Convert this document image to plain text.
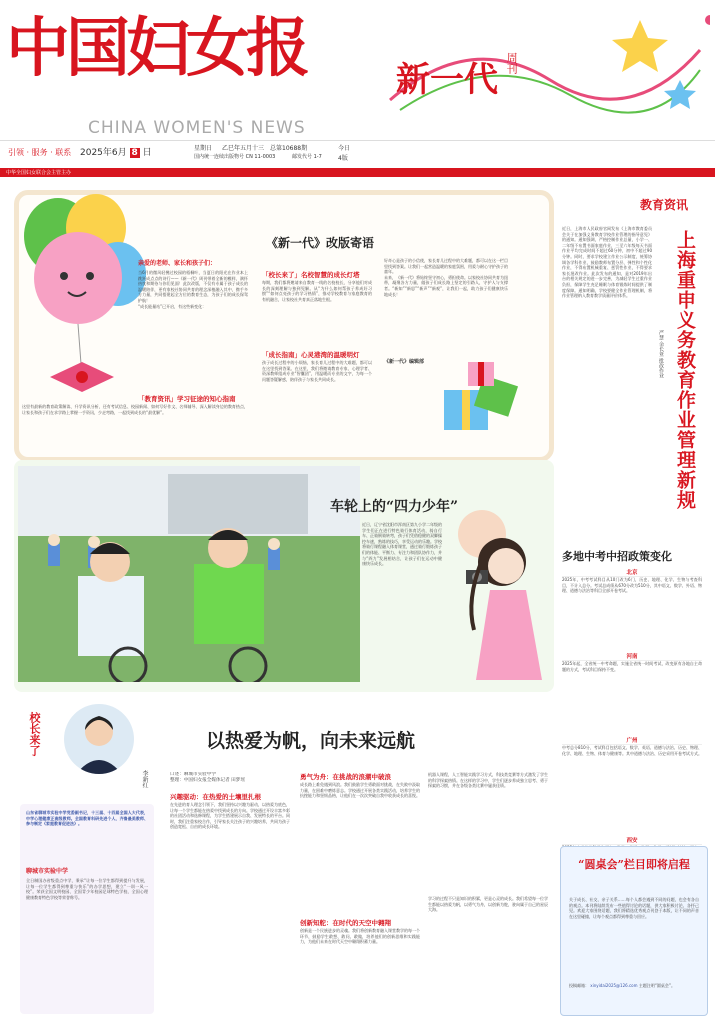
中国妇女报
CHINA WOMEN'S NEWS
新一代 周刊
引领 · 服务 · 联系 2025年6月 8 日	星期日 乙巳年五月十三 总第10688期
国内统一连续出版物号 CN 11-0003	邮发代号 1-7
今日
4版
中华全国妇女联合会主管主办
《新一代》改版寄语
亲爱的老师、家长和孩子们：

当6月的微风轻拂过校园的梧桐叶，当夏日的阳光在作业本上跳跃成点点的诗行——《新一代》周刊带着全新的模样，满怀热忱和期待与你们见面！此次改版，不仅有专属于孩子成长的温暖陪伴，更有家校社协同共育的理念深植融入其中，携手多方力量，共同搭建起全方位的教育生态，为孩子们的成长保驾护航！

“成长能量站”已开启，有这些新变化：

「教育资讯」学习征途的知心指南
这里有最新的教育政策解读、升学资讯分析，还有考试信息、校园新闻、如何写好作文、名师辅导、深入解读身边的教育热点，让家长和孩子们在求学路上掌握一手资讯，少走弯路，一起找到成长的“最优解”。
「校长来了」名校智慧的成长灯塔
每期，我们都将邀请来自教育一线的名校校长，分享他们对成长的深刻理解与独到见解。从“为什么如何帮孩子养成好习惯”“如何点亮孩子的学习热情”，推动学校教育与家庭教育的有机融合，让家校社共育真正落地生根。
「成长指南」心灵港湾的温暖明灯
孩子成长过程中的小烦恼，家长育儿过程中的大难题，都可以在这里找到答案。在这里，我们将邀请教育专家、心理学者、资深教师组成专业“智囊团”，用温暖而专业的文字，为每一个问题答疑解惑，陪伴孩子与家长共同成长。

好奇心是孩子的小信使，家长育儿过程中的大难题，都可以在这一栏目里找到答案。让我们一起营造温暖的家庭氛围，用爱与耐心守护孩子的童年。

未来，《新一代》将始终坚守初心，勇担使命。以家校社协同共育为纽带，凝聚各方力量，做孩子们成长路上坚定的引路人，守护人与支撑者。“新知”“新思”“新声”“新观”，让我们一起，助力孩子们健康快乐地成长！

《新一代》编辑部
教育资讯
上海重申义务教育作业管理新规
严慧 余长亚 批改作业
近日，上海市人民政府官网发布《上海市教育委员会关于在加强义务教育学校作业管理的指导意见》的通知。通知强调，严格控制作业总量，小学一、二年级不布置书面家庭作业，三至六年级每天书面作业平均完成时间不超过60分钟，初中不超过90分钟。同时，要求学校建立作业公示制度，统筹协调各学科作业，鼓励教师布置分层、弹性和个性化作业，不得布置机械重复、惩罚性作业，不得要求家长批改作业。此次发布的通知，是对2019年出台的相关规定的进一步完善，为减轻学生过重作业负担，保障学生充足睡眠与体育锻炼时间提供了制度保障。通知明确，学校要健全作业管理机制，将作业管理纳入教育教学质量评价体系。
多地中考中招政策变化
北京
2025年，中考考试科目从10门改为6门，历史、地理、化学、生物与考查科目，不计入总分。考试总成绩从670分改为510分，其中语文、数学、外语、物理、道德与法治等科目全部开卷考试。
河南
2025年起，全省统一中考命题，实施全省统一时间考试，改变原有各地自主命题的方式，考试科目保持不变。
广州
中考总分810分，考试科目包括语文、数学、英语、道德与法治、历史、物理、化学、地理、生物、体育与健康等。其中道德与法治、历史采用开卷考试方式。
西安
车轮上的“四力少年”
近日，辽宁省沈阳市浑南区第九小学二年级的学生们正在进行特色骑行体育活动，骑自行车、正骑倒骑转弯，孩子们凭借稳健的双脚操控车速，熟练的技巧，享受运动的乐趣。学校将骑行课程融入体育课堂，通过骑行锻炼孩子们的体能、平衡力、专注力和团队协作力，并与“四力”发展相结合，让孩子们在运动中健康快乐成长。
校长来了
李新红
以热爱为帆，向未来远航
山东省聊城市实验中学党委副书记，十三届、十四届全国人大代表，中学心理健康正高级教师。全国教育科研先进个人、齐鲁最美教师、参与制定《家庭教育促进法》。
聊城市实验中学
全日制国办省级重点中学，秉承“让每一位学生都得到提升与发展，让每一位学生都得到尊重与快乐”的办学思想，建立“一训一风一校”。荣获全国文明校园、全国青少年校园足球特色学校、全国心理健康教育特色学校等荣誉称号。

口述：聊城市实验中学

整理：中国妇女报全媒体记者 田梦瑶

兴趣驱动：在热爱的土壤里扎根
在先进的育人理念引领下，我们坚持以兴趣为驱动，以热爱为底色，让每一个学生都能在热爱中找到成长的方向。学校通过开设丰富多彩的社团活动和选修课程，为学生搭建展示自我、发展特长的平台。同时，我们注重家校合作，引导家长关注孩子的兴趣培养，共同为孩子创造宽松、自由的成长环境。
勇气为舟：在挑战的浪潮中破浪
成长路上难免遇到风浪。我们鼓励学生勇敢面对挑战，在失败中汲取力量，在困难中磨炼意志。学校通过开展各类实践活动，培养学生的抗挫能力和坚韧品格，让他们在一次次突破自我中收获成长的喜悦。
创新知舵：在时代的天空中翱翔
创新是一个民族进步的灵魂。我们将创新教育融入课堂教学的每一个环节，鼓励学生敢想、敢问、敢做，培养他们的创新思维和实践能力，为他们未来在时代天空中翱翔积蓄力量。
机器人课程，人工智能实践学习方式，科技类竞赛等方式激发了学生的科学探索热情。在这样的学习中，学生们逐步养成独立思考、勇于探索的习惯，并在各级各类比赛中屡获佳绩。
学习的过程不只是知识的积累，更是心灵的成长。我们希望每一位学生都能以热爱为帆，以勇气为舟，以创新为舵，驶向属于自己的星辰大海。
“圆桌会”栏目即将启程
关于成长、社交、亲子关系……每个人都会遇到不同的问题，也会有各自的观点。本刊将陆续发布一些值得讨论的话题，供大家积极讨论、各抒己见。欢迎大家围绕话题，我们将精选优秀观点刊登于本版，让不同的声音在这里碰撞，让每个观点都得到尊重与回应。
投稿邮箱： xinyidai2025@126.com 主题注明“圆桌会”。
